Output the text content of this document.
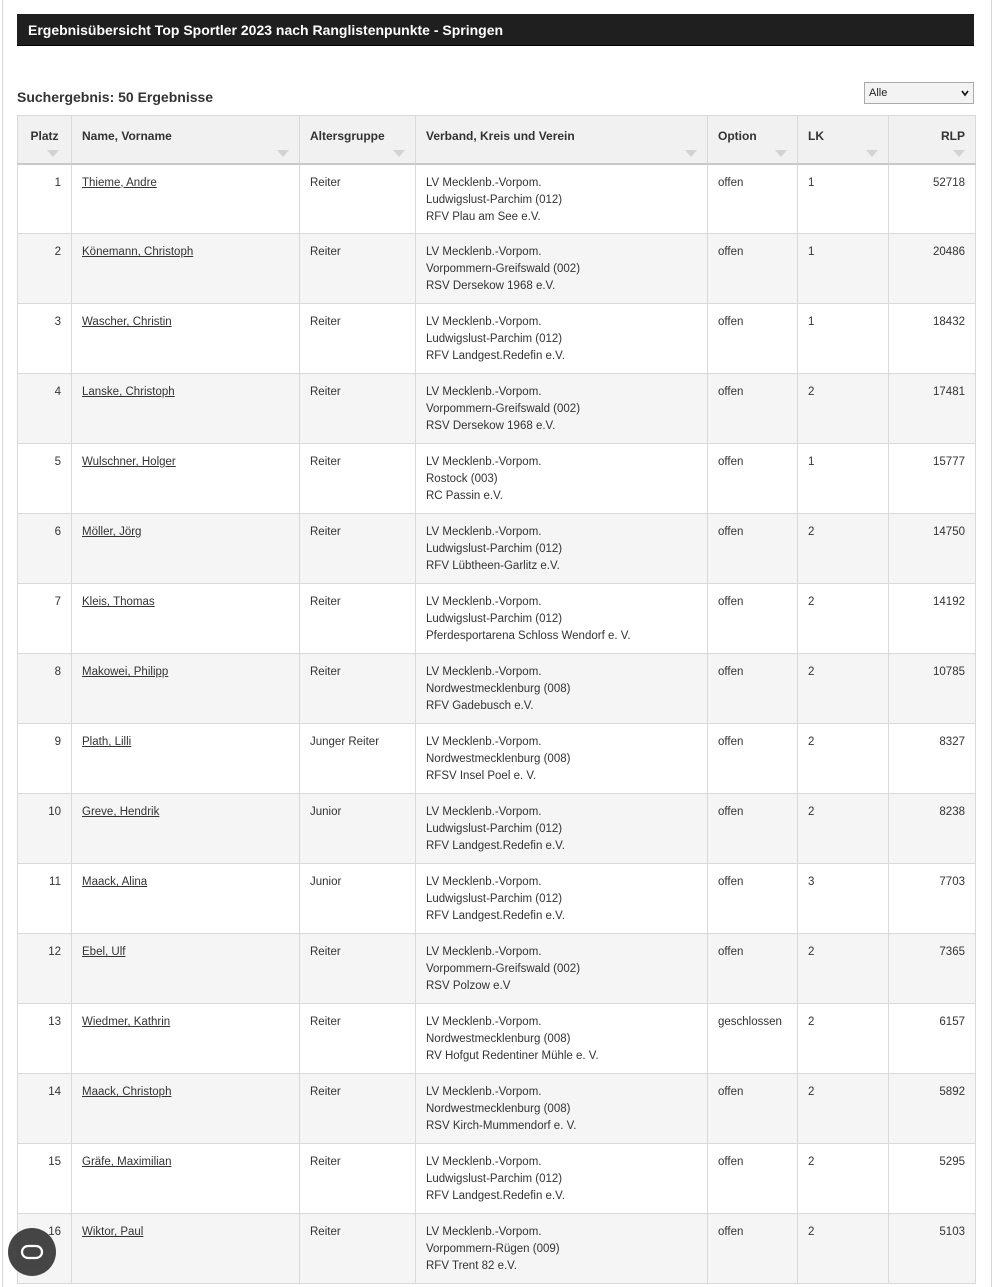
Ergebnisübersicht Top Sportler 2023 nach Ranglistenpunkte - Springen
Suchergebnis: 50 Ergebnisse	Alle
Platz	Name, Vorname	Altersgruppe	Verband, Kreis und Verein	Option	LK	RLP

1	Thieme, Andre	Reiter	LV Mecklenb.-Vorpom.
Ludwigslust-Parchim (012)
RFV Plau am See e.V.	offen	1	52718
2	Könemann, Christoph	Reiter	LV Mecklenb.-Vorpom.
Vorpommern-Greifswald (002)
RSV Dersekow 1968 e.V.	offen	1	20486
3	Wascher, Christin	Reiter	LV Mecklenb.-Vorpom.
Ludwigslust-Parchim (012)
RFV Landgest.Redefin e.V.	offen	1	18432
4	Lanske, Christoph	Reiter	LV Mecklenb.-Vorpom.
Vorpommern-Greifswald (002)
RSV Dersekow 1968 e.V.	offen	2	17481
5	Wulschner, Holger	Reiter	LV Mecklenb.-Vorpom.
Rostock (003)
RC Passin e.V.	offen	1	15777
6	Möller, Jörg	Reiter	LV Mecklenb.-Vorpom.
Ludwigslust-Parchim (012)
RFV Lübtheen-Garlitz e.V.	offen	2	14750
7	Kleis, Thomas	Reiter	LV Mecklenb.-Vorpom.
Ludwigslust-Parchim (012)
Pferdesportarena Schloss Wendorf e. V.	offen	2	14192
8	Makowei, Philipp	Reiter	LV Mecklenb.-Vorpom.
Nordwestmecklenburg (008)
RFV Gadebusch e.V.	offen	2	10785
9	Plath, Lilli	Junger Reiter	LV Mecklenb.-Vorpom.
Nordwestmecklenburg (008)
RFSV Insel Poel e. V.	offen	2	8327
10	Greve, Hendrik	Junior	LV Mecklenb.-Vorpom.
Ludwigslust-Parchim (012)
RFV Landgest.Redefin e.V.	offen	2	8238
11	Maack, Alina	Junior	LV Mecklenb.-Vorpom.
Ludwigslust-Parchim (012)
RFV Landgest.Redefin e.V.	offen	3	7703
12	Ebel, Ulf	Reiter	LV Mecklenb.-Vorpom.
Vorpommern-Greifswald (002)
RSV Polzow e.V	offen	2	7365
13	Wiedmer, Kathrin	Reiter	LV Mecklenb.-Vorpom.
Nordwestmecklenburg (008)
RV Hofgut Redentiner Mühle e. V.	geschlossen	2	6157
14	Maack, Christoph	Reiter	LV Mecklenb.-Vorpom.
Nordwestmecklenburg (008)
RSV Kirch-Mummendorf e. V.	offen	2	5892
15	Gräfe, Maximilian	Reiter	LV Mecklenb.-Vorpom.
Ludwigslust-Parchim (012)
RFV Landgest.Redefin e.V.	offen	2	5295
16	Wiktor, Paul	Reiter	LV Mecklenb.-Vorpom.
Vorpommern-Rügen (009)
RFV Trent 82 e.V.	offen	2	5103
